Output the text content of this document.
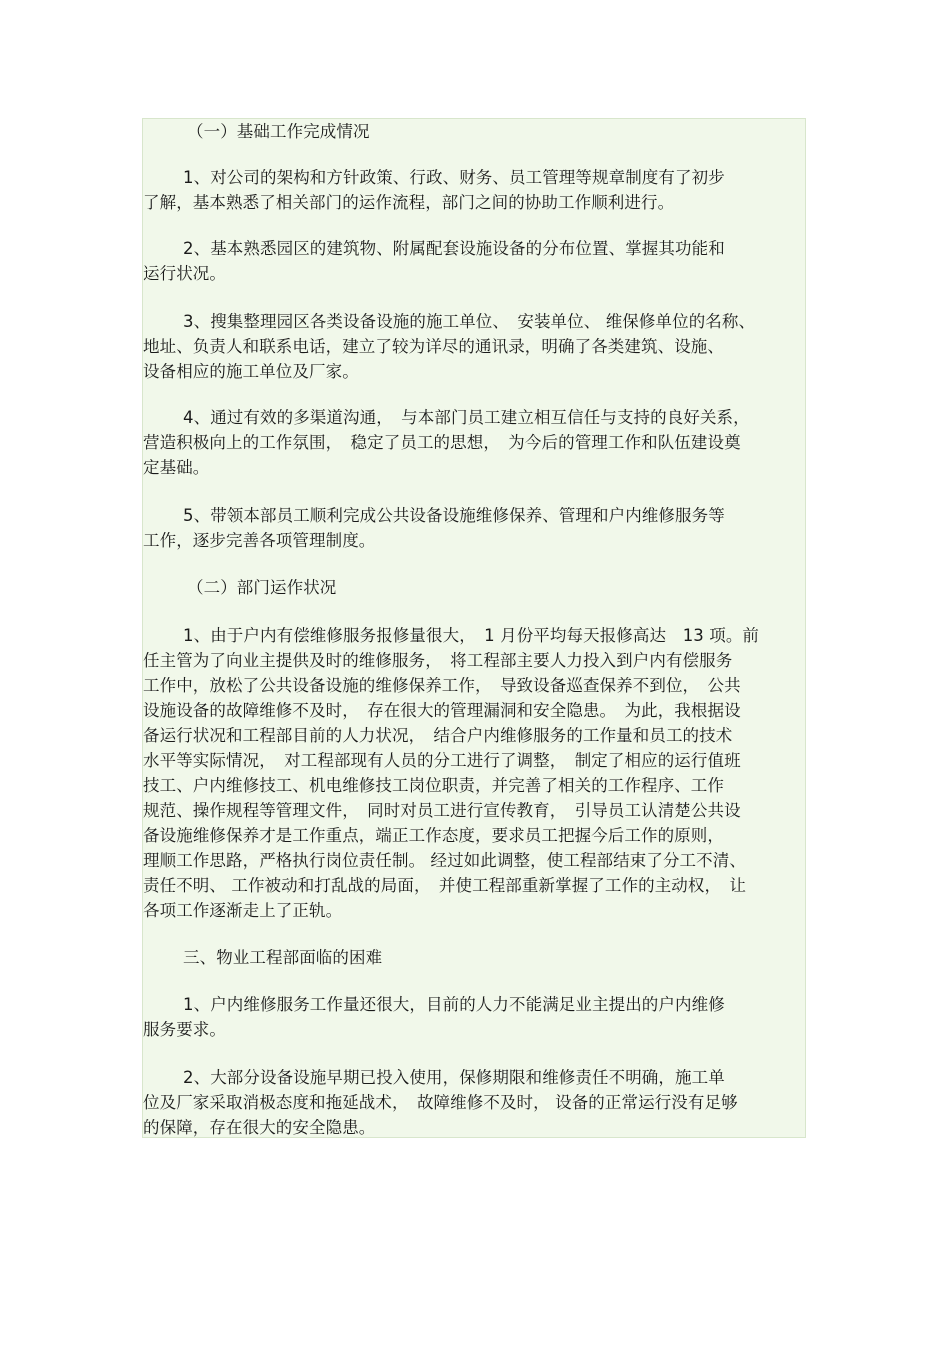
（一）基础工作完成情况

1、对公司的架构和方针政策、行政、财务、员工管理等规章制度有了初步

了解，基本熟悉了相关部门的运作流程，部门之间的协助工作顺利进行。

2、基本熟悉园区的建筑物、附属配套设施设备的分布位置、掌握其功能和

运行状况。

3、搜集整理园区各类设备设施的施工单位、　安装单位、 维保修单位的名称、

地址、负责人和联系电话，建立了较为详尽的通讯录，明确了各类建筑、设施、

设备相应的施工单位及厂家。

4、通过有效的多渠道沟通，　与本部门员工建立相互信任与支持的良好关系，

营造积极向上的工作氛围，　稳定了员工的思想，　为今后的管理工作和队伍建设奠

定基础。

5、带领本部员工顺利完成公共设备设施维修保养、管理和户内维修服务等

工作，逐步完善各项管理制度。

（二）部门运作状况

1、由于户内有偿维修服务报修量很大，　1 月份平均每天报修高达　13 项。前

任主管为了向业主提供及时的维修服务，　将工程部主要人力投入到户内有偿服务

工作中，放松了公共设备设施的维修保养工作，　导致设备巡查保养不到位，　公共

设施设备的故障维修不及时，　存在很大的管理漏洞和安全隐患。　为此，我根据设

备运行状况和工程部目前的人力状况，　结合户内维修服务的工作量和员工的技术

水平等实际情况，　对工程部现有人员的分工进行了调整，　制定了相应的运行值班

技工、户内维修技工、机电维修技工岗位职责，并完善了相关的工作程序、工作

规范、操作规程等管理文件，　同时对员工进行宣传教育，　引导员工认清楚公共设

备设施维修保养才是工作重点，端正工作态度，要求员工把握今后工作的原则，

理顺工作思路，严格执行岗位责任制。 经过如此调整，使工程部结束了分工不清、

责任不明、 工作被动和打乱战的局面，　并使工程部重新掌握了工作的主动权，　让

各项工作逐渐走上了正轨。

三、物业工程部面临的困难

1、户内维修服务工作量还很大，目前的人力不能满足业主提出的户内维修

服务要求。

2、大部分设备设施早期已投入使用，保修期限和维修责任不明确，施工单

位及厂家采取消极态度和拖延战术，　故障维修不及时， 设备的正常运行没有足够

的保障，存在很大的安全隐患。
